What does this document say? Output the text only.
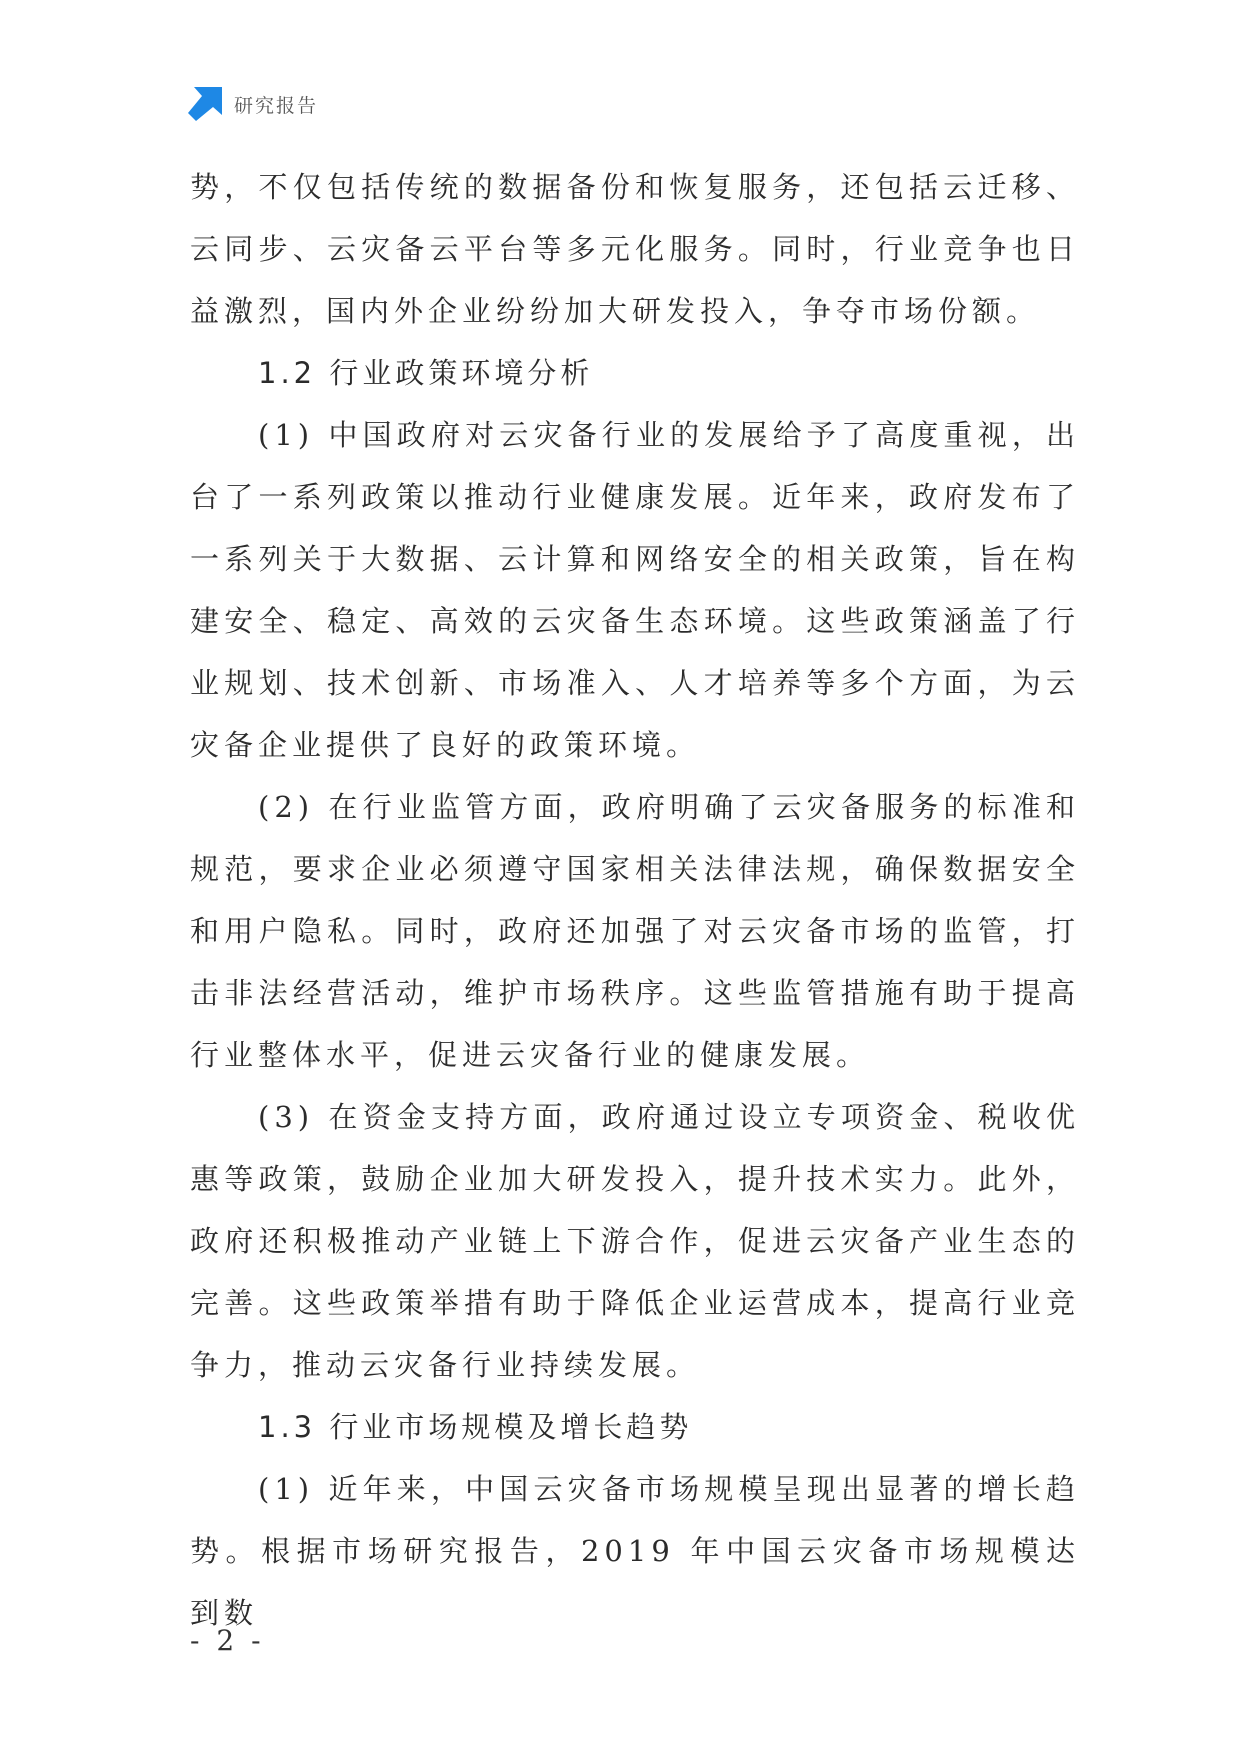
研究报告

势，不仅包括传统的数据备份和恢复服务，还包括云迁移、云同步、云灾备云平台等多元化服务。同时，行业竞争也日益激烈，国内外企业纷纷加大研发投入，争夺市场份额。

1.2 行业政策环境分析

(1) 中国政府对云灾备行业的发展给予了高度重视，出台了一系列政策以推动行业健康发展。近年来，政府发布了一系列关于大数据、云计算和网络安全的相关政策，旨在构建安全、稳定、高效的云灾备生态环境。这些政策涵盖了行业规划、技术创新、市场准入、人才培养等多个方面，为云灾备企业提供了良好的政策环境。

(2) 在行业监管方面，政府明确了云灾备服务的标准和规范，要求企业必须遵守国家相关法律法规，确保数据安全和用户隐私。同时，政府还加强了对云灾备市场的监管，打击非法经营活动，维护市场秩序。这些监管措施有助于提高行业整体水平，促进云灾备行业的健康发展。

(3) 在资金支持方面，政府通过设立专项资金、税收优惠等政策，鼓励企业加大研发投入，提升技术实力。此外，政府还积极推动产业链上下游合作，促进云灾备产业生态的完善。这些政策举措有助于降低企业运营成本，提高行业竞争力，推动云灾备行业持续发展。

1.3 行业市场规模及增长趋势

(1) 近年来，中国云灾备市场规模呈现出显著的增长趋势。根据市场研究报告，2019 年中国云灾备市场规模达到数

- 2 -
